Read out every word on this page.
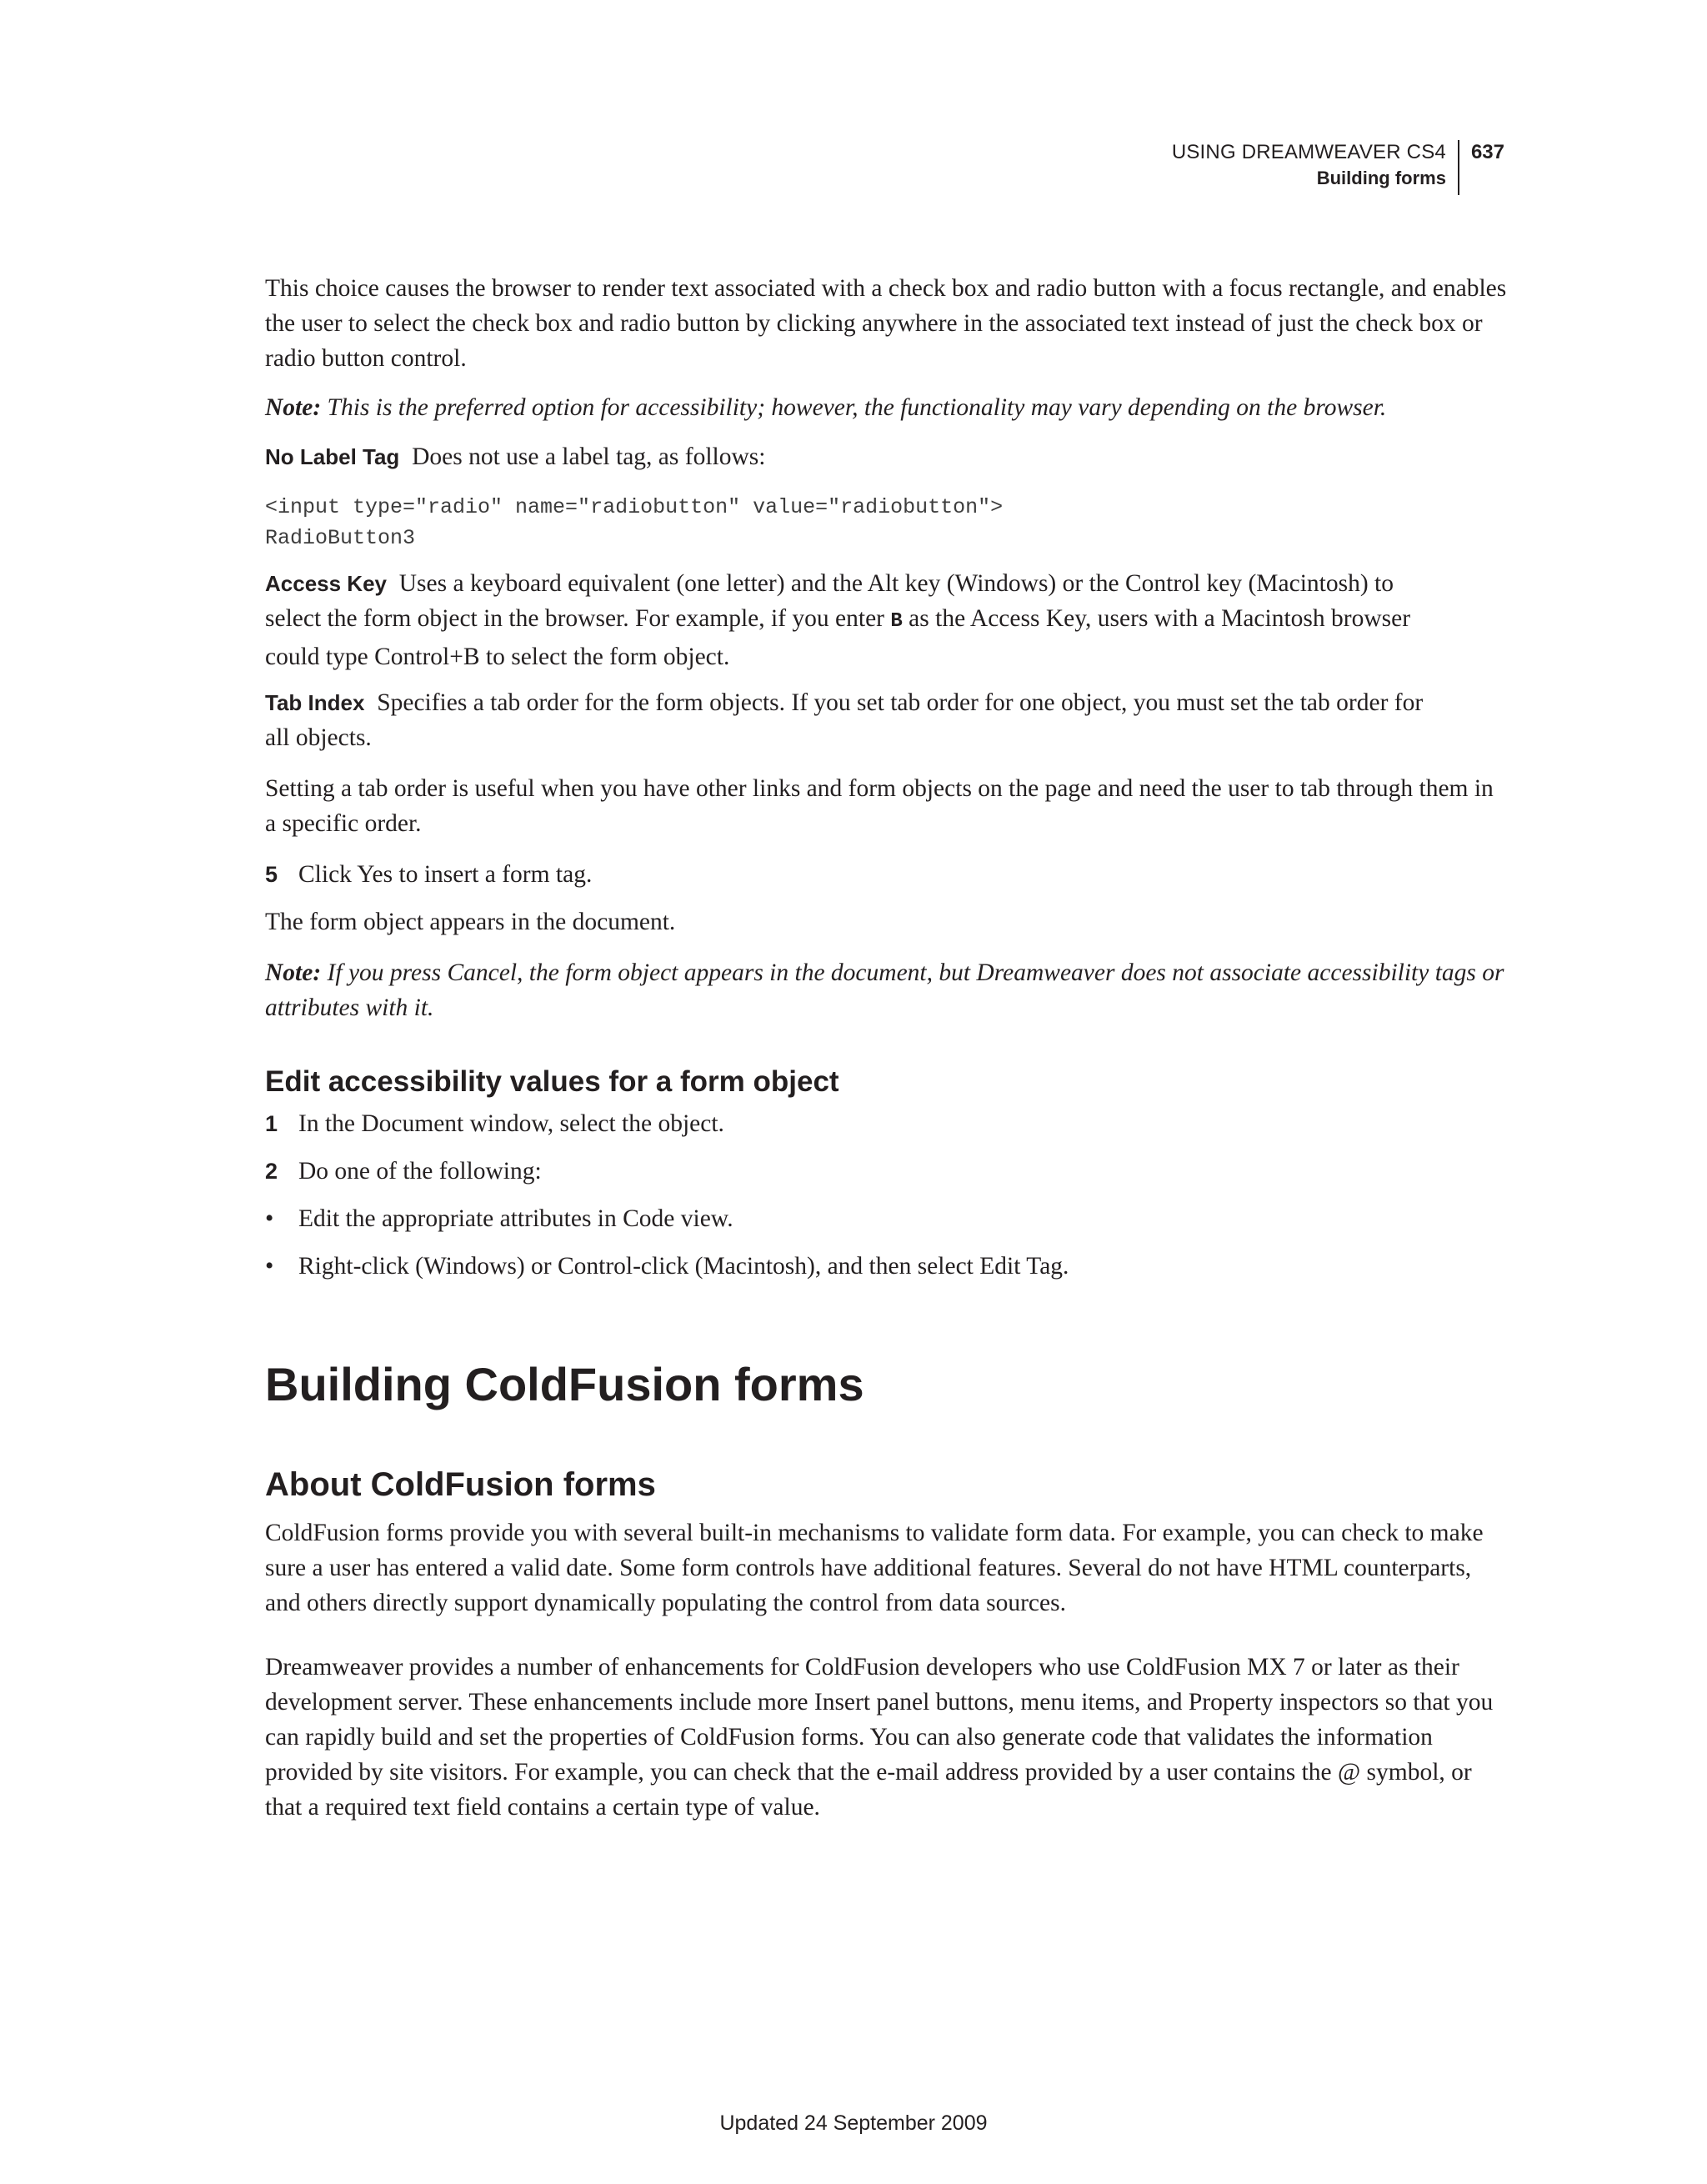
USING DREAMWEAVER CS4
Building forms
637

This choice causes the browser to render text associated with a check box and radio button with a focus rectangle, and enables the user to select the check box and radio button by clicking anywhere in the associated text instead of just the check box or radio button control.

Note: This is the preferred option for accessibility; however, the functionality may vary depending on the browser.

No Label Tag Does not use a label tag, as follows:

<input type="radio" name="radiobutton" value="radiobutton">
RadioButton3
Access Key Uses a keyboard equivalent (one letter) and the Alt key (Windows) or the Control key (Macintosh) to
select the form object in the browser. For example, if you enter B as the Access Key, users with a Macintosh browser
could type Control+B to select the form object.
Tab Index Specifies a tab order for the form objects. If you set tab order for one object, you must set the tab order for
all objects.

Setting a tab order is useful when you have other links and form objects on the page and need the user to tab through them in a specific order.

5 Click Yes to insert a form tag.

The form object appears in the document.

Note: If you press Cancel, the form object appears in the document, but Dreamweaver does not associate accessibility tags or attributes with it.

Edit accessibility values for a form object

1 In the Document window, select the object.

2 Do one of the following:

• Edit the appropriate attributes in Code view.

• Right-click (Windows) or Control-click (Macintosh), and then select Edit Tag.

Building ColdFusion forms
About ColdFusion forms

ColdFusion forms provide you with several built-in mechanisms to validate form data. For example, you can check to make sure a user has entered a valid date. Some form controls have additional features. Several do not have HTML counterparts, and others directly support dynamically populating the control from data sources.

Dreamweaver provides a number of enhancements for ColdFusion developers who use ColdFusion MX 7 or later as their development server. These enhancements include more Insert panel buttons, menu items, and Property inspectors so that you can rapidly build and set the properties of ColdFusion forms. You can also generate code that validates the information provided by site visitors. For example, you can check that the e-mail address provided by a user contains the @ symbol, or that a required text field contains a certain type of value.

Updated 24 September 2009
